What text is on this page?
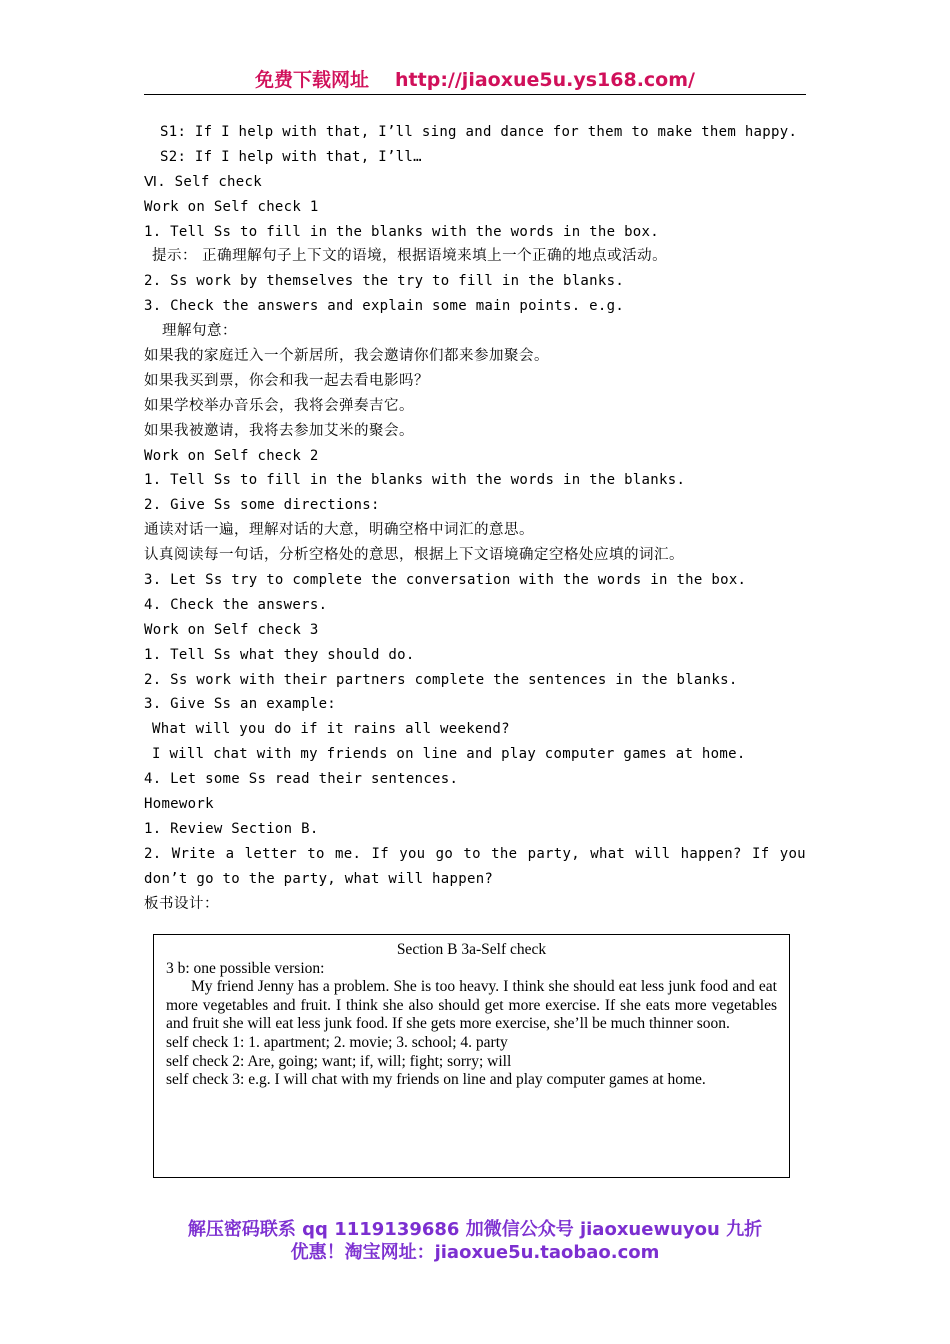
免费下载网址 http://jiaoxue5u.ys168.com/
S1: If I help with that, I’ll sing and dance for them to make them happy.
S2: If I help with that, I’ll…
Ⅵ. Self check
Work on Self check 1
1. Tell Ss to fill in the blanks with the words in the box.
提示： 正确理解句子上下文的语境，根据语境来填上一个正确的地点或活动。
2. Ss work by themselves the try to fill in the blanks.
3. Check the answers and explain some main points. e.g.
理解句意：
如果我的家庭迁入一个新居所，我会邀请你们都来参加聚会。
如果我买到票，你会和我一起去看电影吗？
如果学校举办音乐会，我将会弹奏吉它。
如果我被邀请，我将去参加艾米的聚会。
Work on Self check 2
1. Tell Ss to fill in the blanks with the words in the blanks.
2. Give Ss some directions:
通读对话一遍，理解对话的大意，明确空格中词汇的意思。
认真阅读每一句话，分析空格处的意思，根据上下文语境确定空格处应填的词汇。
3. Let Ss try to complete the conversation with the words in the box.
4. Check the answers.
Work on Self check 3
1. Tell Ss what they should do.
2. Ss work with their partners complete the sentences in the blanks.
3. Give Ss an example:
What will you do if it rains all weekend?
I will chat with my friends on line and play computer games at home.
4. Let some Ss read their sentences.
Homework
1. Review Section B.
2. Write a letter to me. If you go to the party, what will happen? If you
don’t go to the party, what will happen?
板书设计：
Section B 3a-Self check
3 b: one possible version:
My friend Jenny has a problem. She is too heavy. I think she should eat less junk food and eat more vegetables and fruit. I think she also should get more exercise. If she eats more vegetables and fruit she will eat less junk food. If she gets more exercise, she’ll be much thinner soon.
self check 1: 1. apartment; 2. movie; 3. school; 4. party
self check 2: Are, going; want; if, will; fight; sorry; will
self check 3: e.g. I will chat with my friends on line and play computer games at home.
解压密码联系 qq 1119139686 加微信公众号 jiaoxuewuyou 九折
优惠！淘宝网址：jiaoxue5u.taobao.com
